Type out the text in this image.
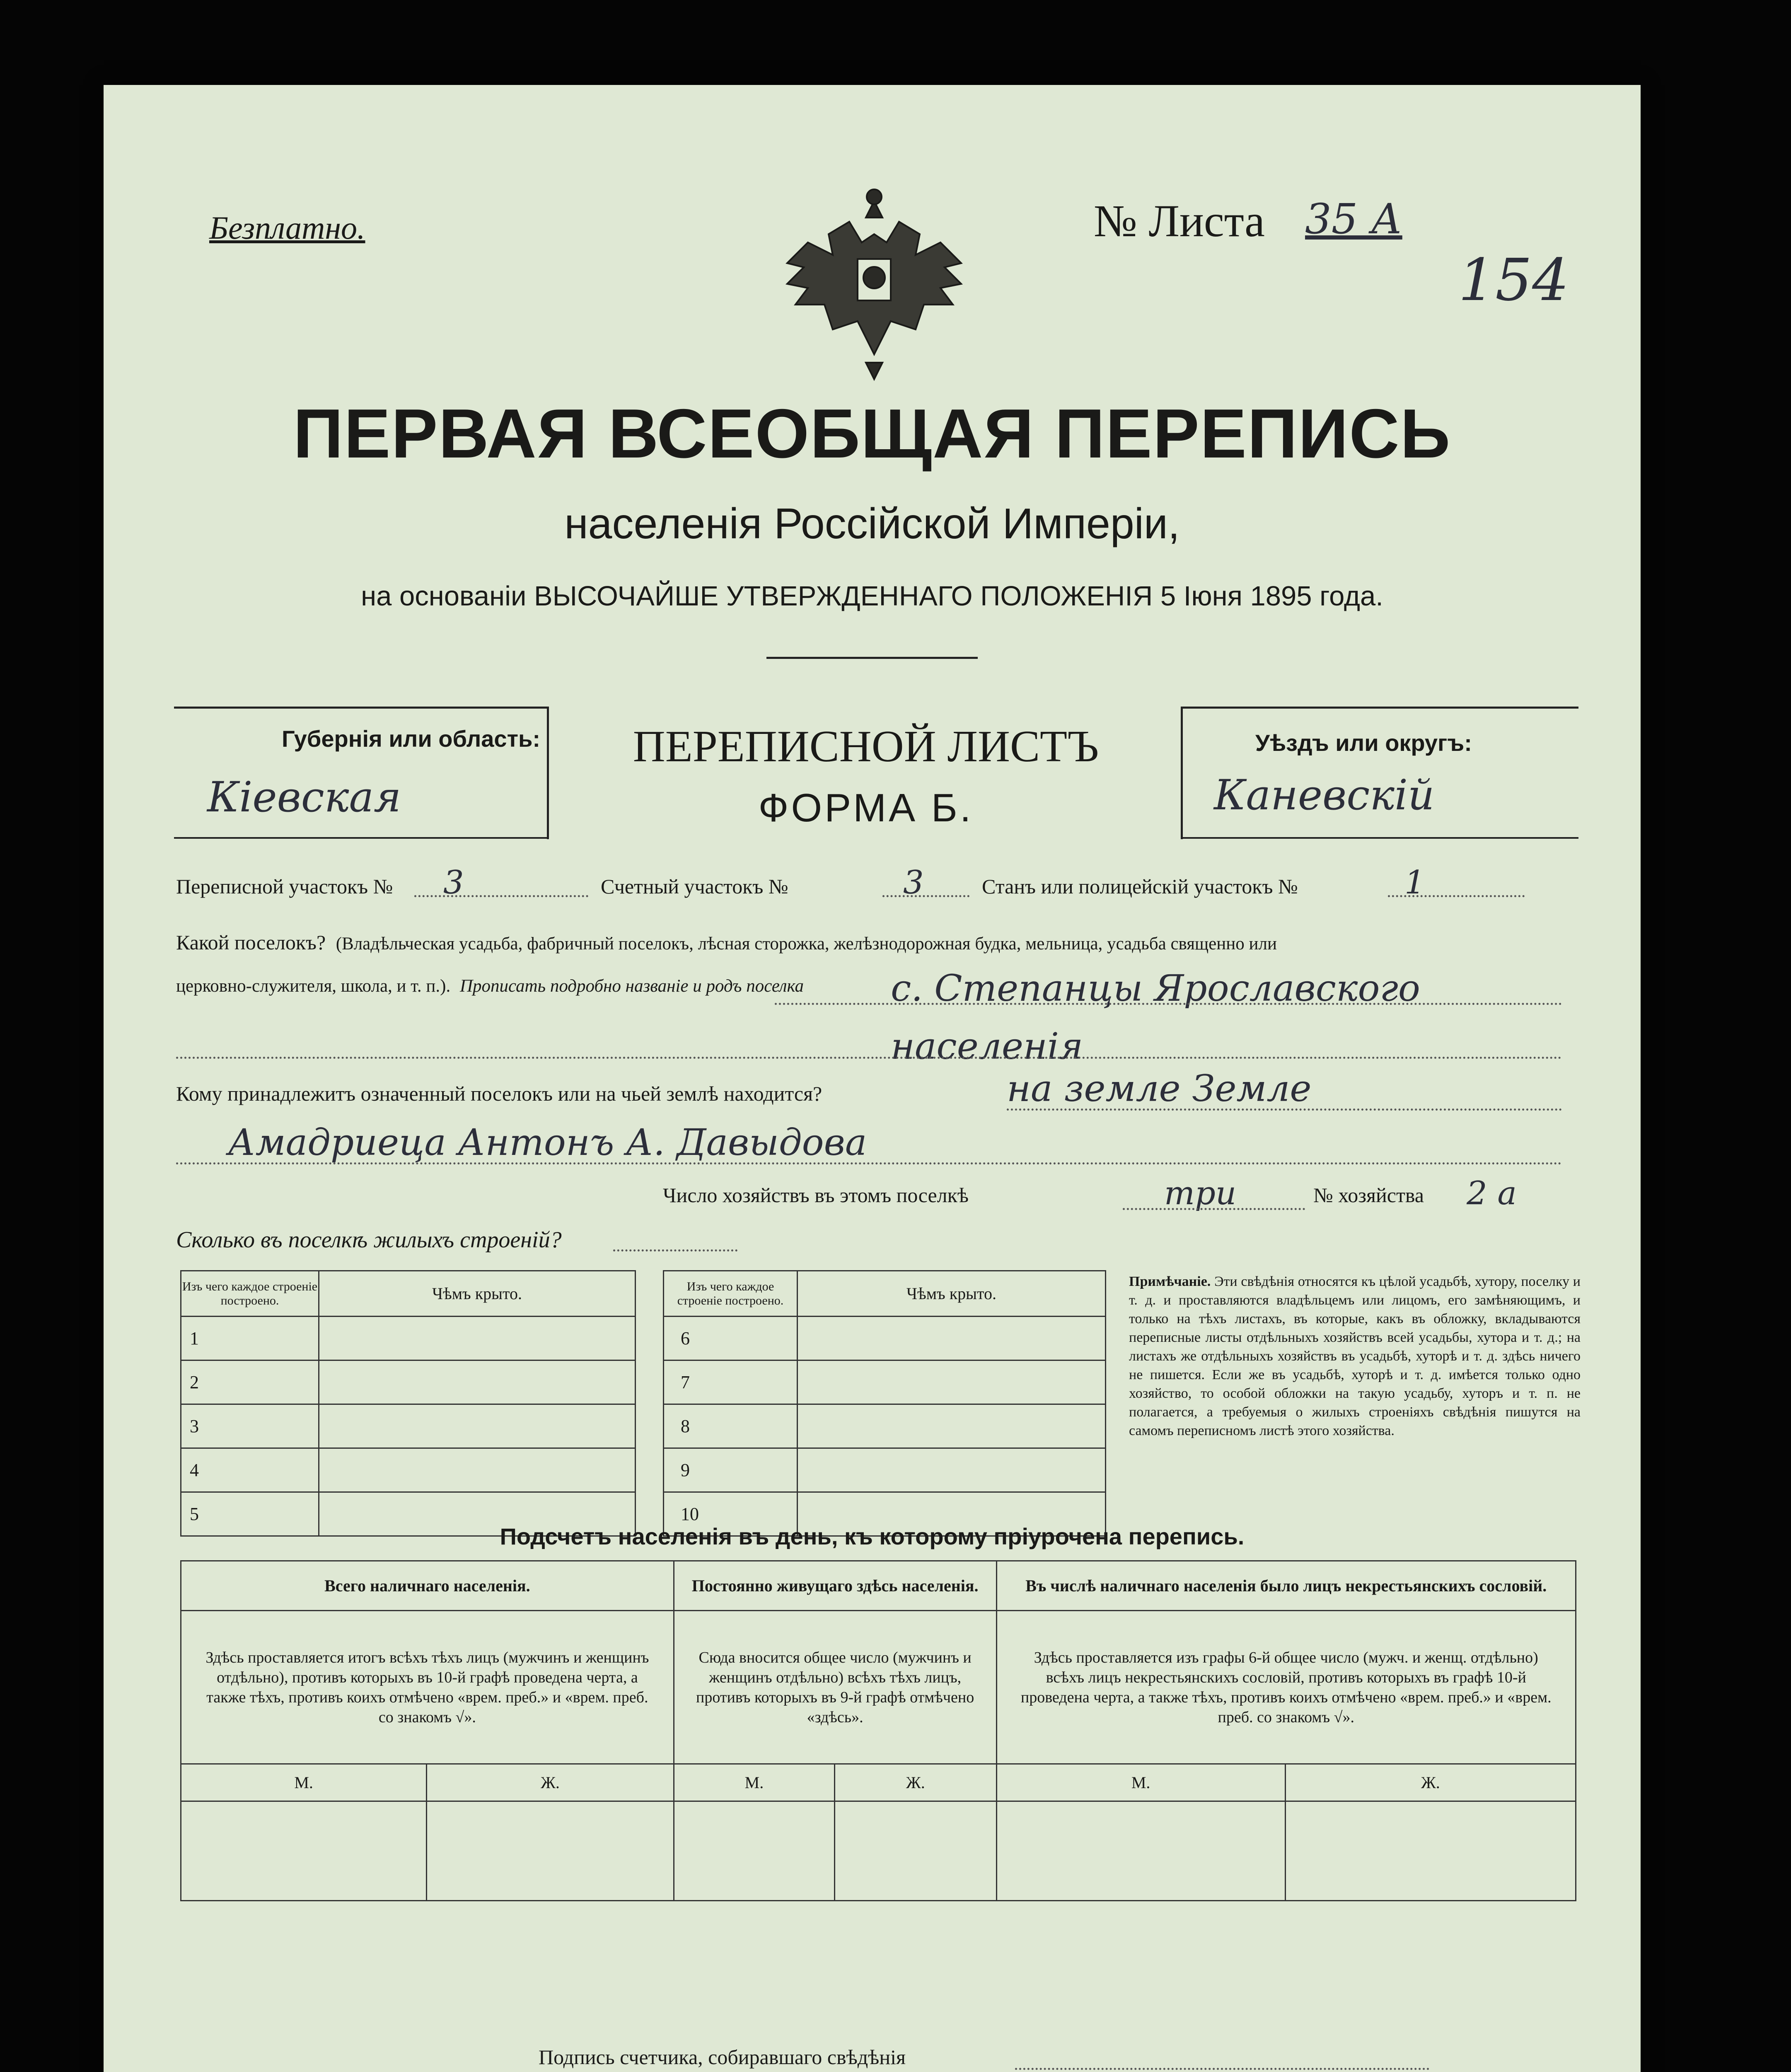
Безплатно.	№ Листа 35 А
154
ПЕРВАЯ ВСЕОБЩАЯ ПЕРЕПИСЬ
населенія Россійской Имперіи,
на основаніи ВЫСОЧАЙШЕ УТВЕРЖДЕННАГО ПОЛОЖЕНІЯ 5 Іюня 1895 года.
Губернія или область:
Кіевская
ПЕРЕПИСНОЙ ЛИСТЪ
ФОРМА Б.
Уѣздъ или округъ:
Каневскій
Переписной участокъ № 3	Счетный участокъ №	3	Станъ или полицейскій участокъ №	1
Какой поселокъ? (Владѣльческая усадьба, фабричный поселокъ, лѣсная сторожка, желѣзнодорожная будка, мельница, усадьба священно или
церковно-служителя, школа, и т. п.). Прописать подробно названіе и родъ поселка с. Степанцы Ярославского населенія
Кому принадлежитъ означенный поселокъ или на чьей землѣ находится?	на земле Земле
Амадриеца Антонъ А. Давыдова
Число хозяйствъ въ этомъ поселкѣ	три	№ хозяйства 2 а
Сколько въ поселкѣ жилыхъ строеній?
Изъ чего каждое строеніе построено.	Чѣмъ крыто.
1	
2	
3	
4	
5	
Изъ чего каждое строеніе построено.	Чѣмъ крыто.
6	
7	
8	
9	
10	
Примѣчаніе. Эти свѣдѣнія относятся къ цѣлой усадьбѣ, хутору, поселку и т. д. и проставляются владѣльцемъ или лицомъ, его замѣняющимъ, и только на тѣхъ листахъ, въ которые, какъ въ обложку, вкладываются переписные листы отдѣльныхъ хозяйствъ всей усадьбы, хутора и т. д.; на листахъ же отдѣльныхъ хозяйствъ въ усадьбѣ, хуторѣ и т. д. здѣсь ничего не пишется. Если же въ усадьбѣ, хуторѣ и т. д. имѣется только одно хозяйство, то особой обложки на такую усадьбу, хуторъ и т. п. не полагается, а требуемыя о жилыхъ строеніяхъ свѣдѣнія пишутся на самомъ переписномъ листѣ этого хозяйства.
Подсчетъ населенія въ день, къ которому пріурочена перепись.
Всего наличнаго населенія.		Постоянно живущаго здѣсь населенія.		Въ числѣ наличнаго населенія было лицъ некрестьянскихъ сословій.	
Здѣсь проставляется итогъ всѣхъ тѣхъ лицъ (мужчинъ и женщинъ отдѣльно), противъ которыхъ въ 10-й графѣ проведена черта, а также тѣхъ, противъ коихъ отмѣчено «врем. преб.» и «врем. преб. со знакомъ √».		Сюда вносится общее число (мужчинъ и женщинъ отдѣльно) всѣхъ тѣхъ лицъ, противъ которыхъ въ 9-й графѣ отмѣчено «здѣсь».		Здѣсь проставляется изъ графы 6-й общее число (мужч. и женщ. отдѣльно) всѣхъ лицъ некрестьянскихъ сословій, противъ которыхъ въ графѣ 10-й проведена черта, а также тѣхъ, противъ коихъ отмѣчено «врем. преб.» и «врем. преб. со знакомъ √».	
М.	Ж.	М.	Ж.	М.	Ж.

Подпись счетчика, собиравшаго свѣдѣнія
